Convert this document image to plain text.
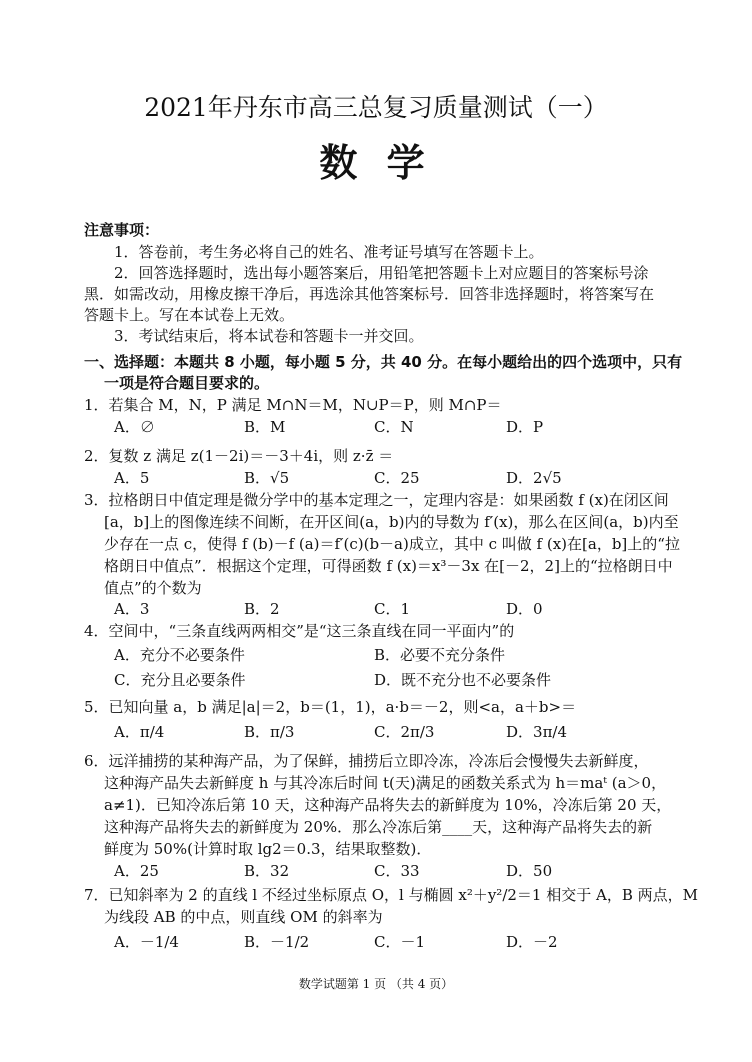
2021年丹东市高三总复习质量测试（一）
数 学
注意事项：
1．答卷前，考生务必将自己的姓名、准考证号填写在答题卡上。
2．回答选择题时，选出每小题答案后，用铅笔把答题卡上对应题目的答案标号涂
黑．如需改动，用橡皮擦干净后，再选涂其他答案标号．回答非选择题时，将答案写在
答题卡上。写在本试卷上无效。
3．考试结束后，将本试卷和答题卡一并交回。
一、选择题：本题共 8 小题，每小题 5 分，共 40 分。在每小题给出的四个选项中，只有
一项是符合题目要求的。
1．若集合 M，N，P 满足 M∩N＝M，N∪P＝P，则 M∩P＝
A．∅	B．M	C．N	D．P
2．复数 z 满足 z(1－2i)＝－3＋4i，则 z·z̄ ＝
A．5	B．√5	C．25	D．2√5
3．拉格朗日中值定理是微分学中的基本定理之一，定理内容是：如果函数 f (x)在闭区间
[a，b]上的图像连续不间断，在开区间(a，b)内的导数为 f′(x)，那么在区间(a，b)内至
少存在一点 c，使得 f (b)－f (a)＝f′(c)(b－a)成立，其中 c 叫做 f (x)在[a，b]上的“拉
格朗日中值点”．根据这个定理，可得函数 f (x)＝x³－3x 在[－2，2]上的“拉格朗日中
值点”的个数为
A．3	B．2	C．1	D．0
4．空间中，“三条直线两两相交”是“这三条直线在同一平面内”的
A．充分不必要条件	B．必要不充分条件
C．充分且必要条件	D．既不充分也不必要条件
5．已知向量 a，b 满足|a|＝2，b＝(1，1)，a·b＝－2，则<a，a＋b>＝
A．π/4	B．π/3	C．2π/3	D．3π/4
6．远洋捕捞的某种海产品，为了保鲜，捕捞后立即冷冻，冷冻后会慢慢失去新鲜度，
这种海产品失去新鲜度 h 与其冷冻后时间 t(天)满足的函数关系式为 h＝maᵗ (a＞0，
a≠1)．已知冷冻后第 10 天，这种海产品将失去的新鲜度为 10%，冷冻后第 20 天，
这种海产品将失去的新鲜度为 20%．那么冷冻后第____天，这种海产品将失去的新
鲜度为 50%(计算时取 lg2＝0.3，结果取整数)．
A．25	B．32	C．33	D．50
7．已知斜率为 2 的直线 l 不经过坐标原点 O，l 与椭圆 x²＋y²/2＝1 相交于 A，B 两点，M
为线段 AB 的中点，则直线 OM 的斜率为
A．－1/4	B．－1/2	C．－1	D．－2
数学试题第 1 页 （共 4 页）
